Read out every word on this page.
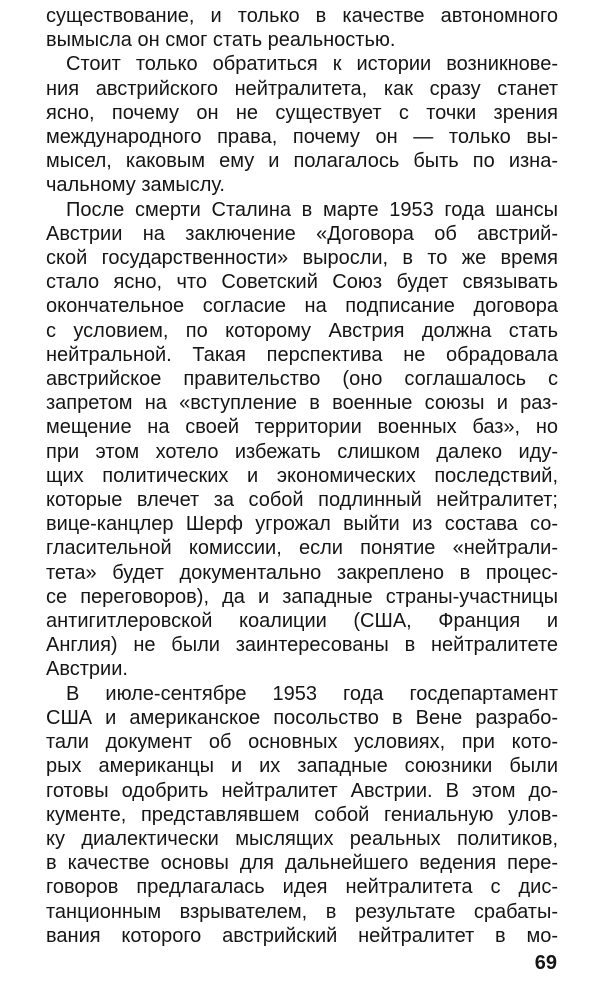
существование, и только в качестве автономного
вымысла он смог стать реальностью.
Стоит только обратиться к истории возникнове-
ния австрийского нейтралитета, как сразу станет
ясно, почему он не существует с точки зрения
международного права, почему он — только вы-
мысел, каковым ему и полагалось быть по изна-
чальному замыслу.
После смерти Сталина в марте 1953 года шансы
Австрии на заключение «Договора об австрий-
ской государственности» выросли, в то же время
стало ясно, что Советский Союз будет связывать
окончательное согласие на подписание договора
с условием, по которому Австрия должна стать
нейтральной. Такая перспектива не обрадовала
австрийское правительство (оно соглашалось с
запретом на «вступление в военные союзы и раз-
мещение на своей территории военных баз», но
при этом хотело избежать слишком далеко иду-
щих политических и экономических последствий,
которые влечет за собой подлинный нейтралитет;
вице-канцлер Шерф угрожал выйти из состава со-
гласительной комиссии, если понятие «нейтрали-
тета» будет документально закреплено в процес-
се переговоров), да и западные страны-участницы
антигитлеровской коалиции (США, Франция и
Англия) не были заинтересованы в нейтралитете
Австрии.
В июле-сентябре 1953 года госдепартамент
США и американское посольство в Вене разрабо-
тали документ об основных условиях, при кото-
рых американцы и их западные союзники были
готовы одобрить нейтралитет Австрии. В этом до-
кументе, представлявшем собой гениальную улов-
ку диалектически мыслящих реальных политиков,
в качестве основы для дальнейшего ведения пере-
говоров предлагалась идея нейтралитета с дис-
танционным взрывателем, в результате срабаты-
вания которого австрийский нейтралитет в мо-
69
